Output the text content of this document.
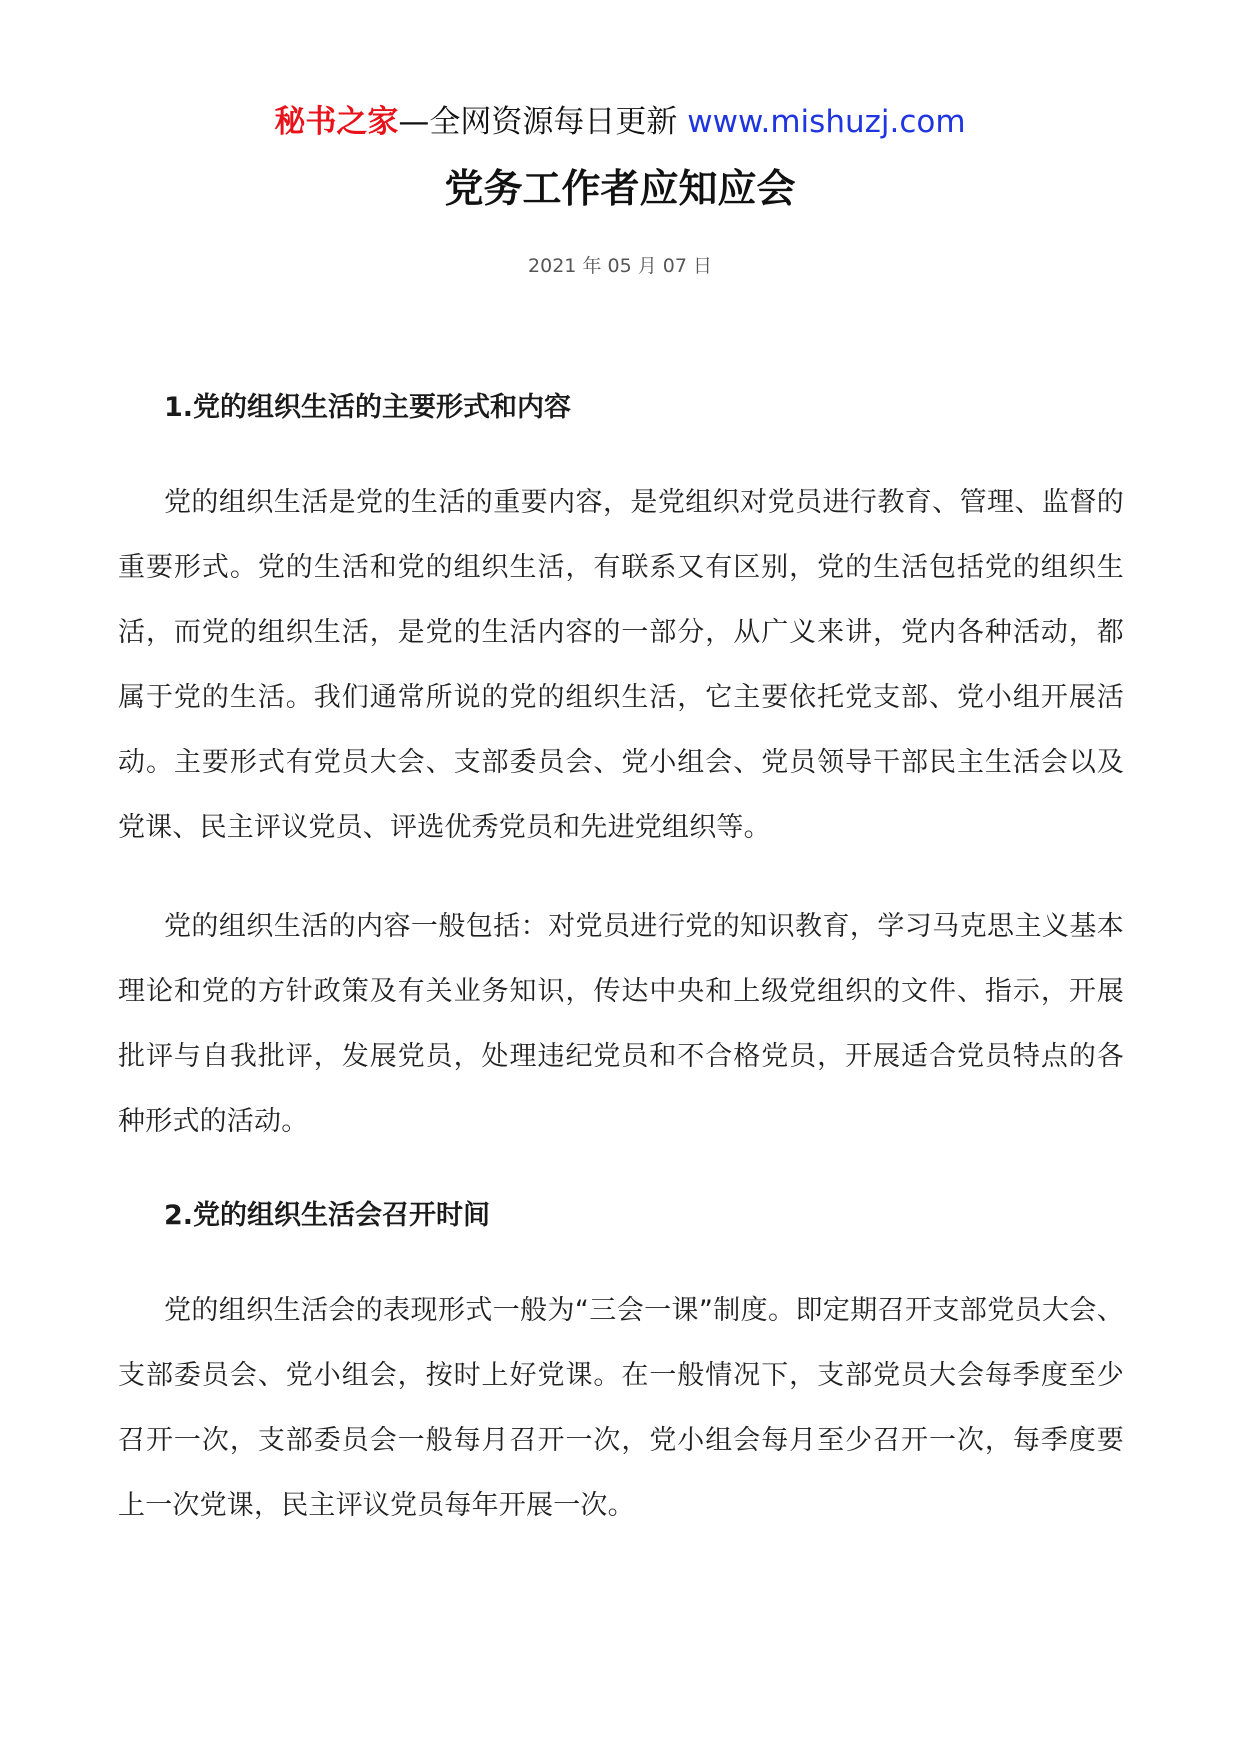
秘书之家—全网资源每日更新 www.mishuzj.com
党务工作者应知应会
2021 年 05 月 07 日
1.党的组织生活的主要形式和内容

党的组织生活是党的生活的重要内容，是党组织对党员进行教育、管理、监督的重要形式。党的生活和党的组织生活，有联系又有区别，党的生活包括党的组织生活，而党的组织生活，是党的生活内容的一部分，从广义来讲，党内各种活动，都属于党的生活。我们通常所说的党的组织生活，它主要依托党支部、党小组开展活动。主要形式有党员大会、支部委员会、党小组会、党员领导干部民主生活会以及党课、民主评议党员、评选优秀党员和先进党组织等。

党的组织生活的内容一般包括：对党员进行党的知识教育，学习马克思主义基本理论和党的方针政策及有关业务知识，传达中央和上级党组织的文件、指示，开展批评与自我批评，发展党员，处理违纪党员和不合格党员，开展适合党员特点的各种形式的活动。

2.党的组织生活会召开时间

党的组织生活会的表现形式一般为“三会一课”制度。即定期召开支部党员大会、支部委员会、党小组会，按时上好党课。在一般情况下，支部党员大会每季度至少召开一次，支部委员会一般每月召开一次，党小组会每月至少召开一次，每季度要上一次党课，民主评议党员每年开展一次。
